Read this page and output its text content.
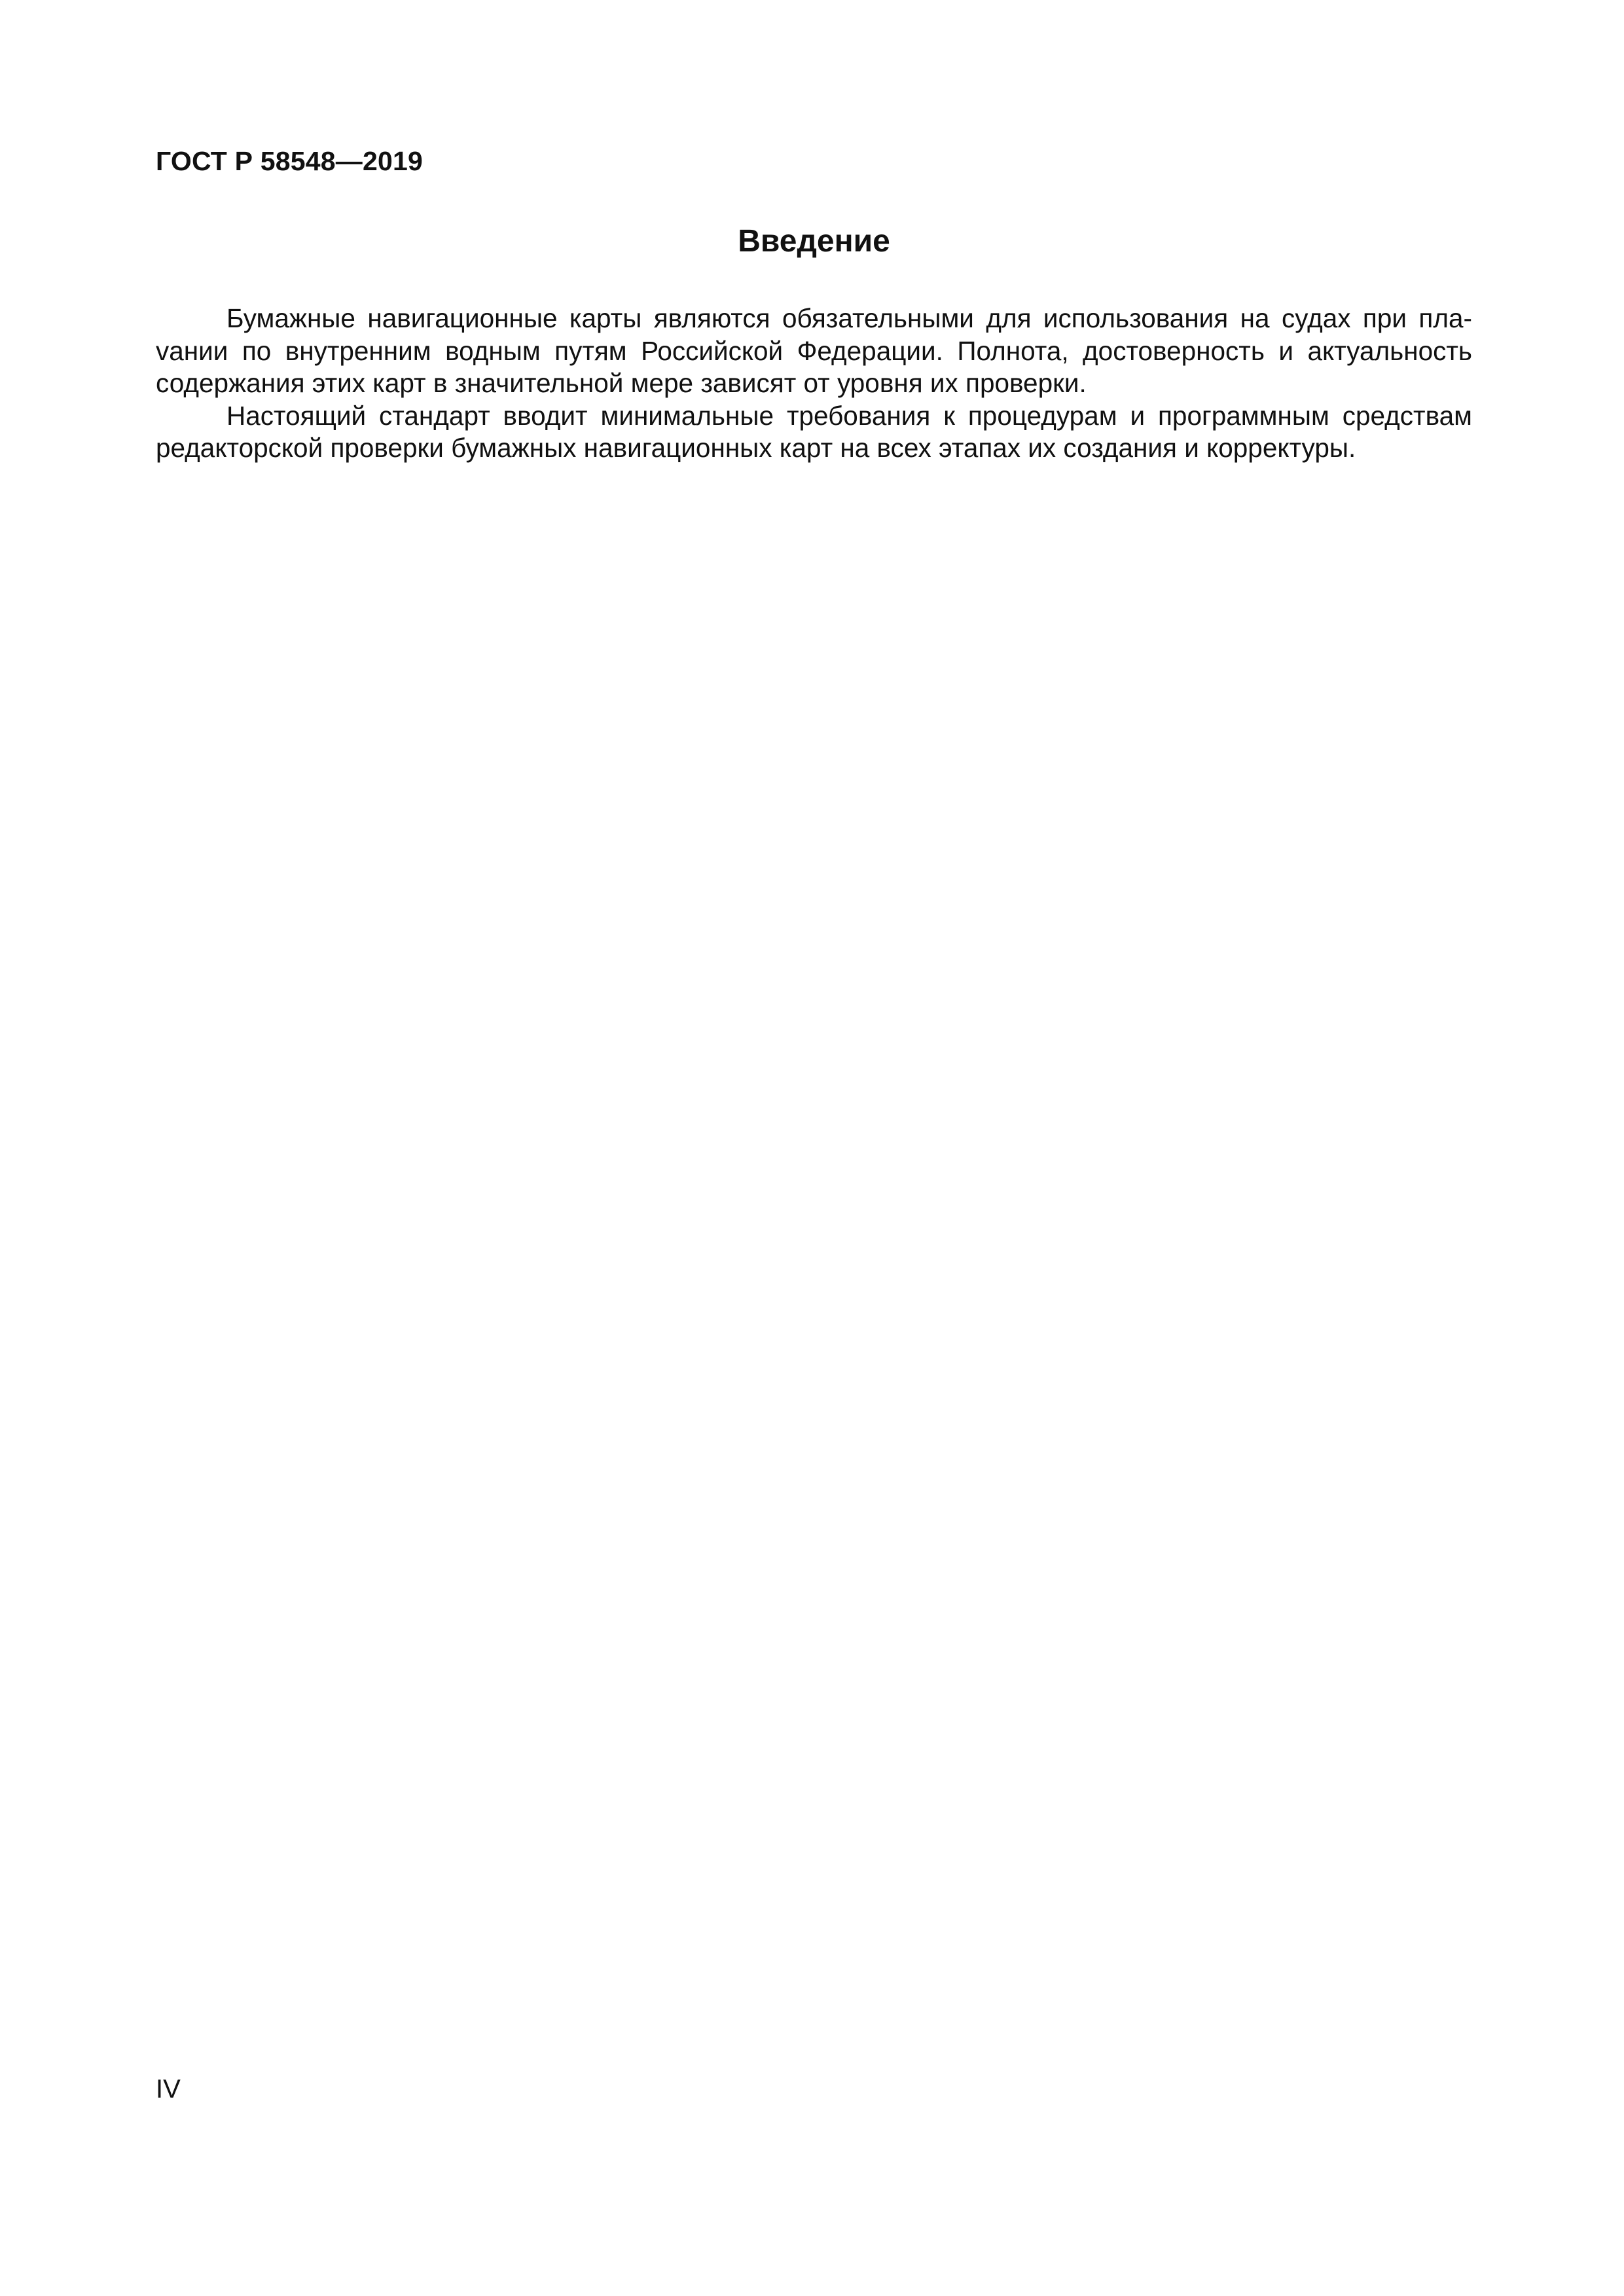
ГОСТ Р 58548—2019
Введение

Бумажные навигационные карты являются обязательными для использования на судах при плаvании по внутренним водным путям Российской Федерации. Полнота, достоверность и актуальность содержания этих карт в значительной мере зависят от уровня их проверки.

Настоящий стандарт вводит минимальные требования к процедурам и программным средствам редакторской проверки бумажных навигационных карт на всех этапах их создания и корректуры.

IV
